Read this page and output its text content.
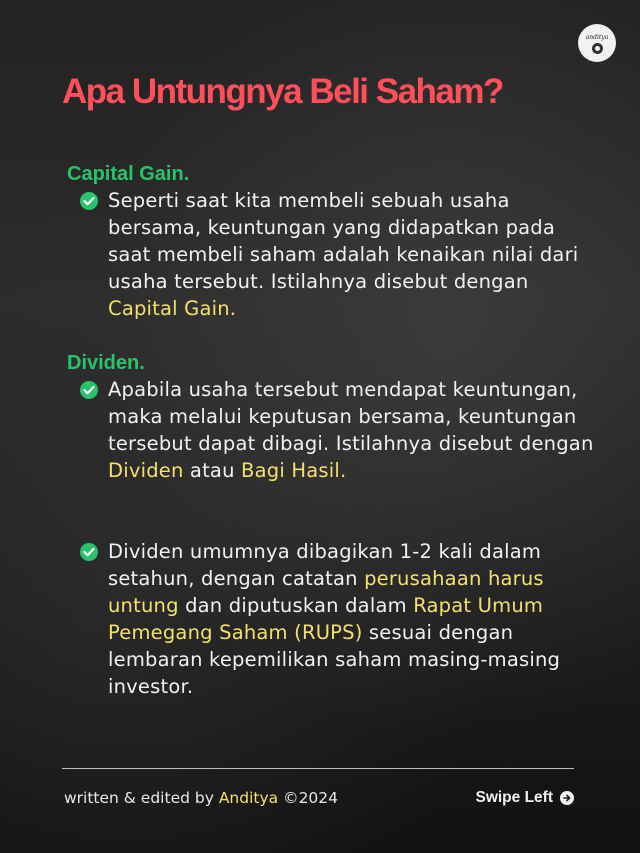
anditya
Apa Untungnya Beli Saham?
Capital Gain.
Seperti saat kita membeli sebuah usaha bersama, keuntungan yang didapatkan pada saat membeli saham adalah kenaikan nilai dari usaha tersebut. Istilahnya disebut dengan Capital Gain.
Dividen.
Apabila usaha tersebut mendapat keuntungan, maka melalui keputusan bersama, keuntungan tersebut dapat dibagi. Istilahnya disebut dengan Dividen atau Bagi Hasil.
Dividen umumnya dibagikan 1-2 kali dalam setahun, dengan catatan perusahaan harus untung dan diputuskan dalam Rapat Umum Pemegang Saham (RUPS) sesuai dengan lembaran kepemilikan saham masing-masing investor.
written & edited by Anditya ©2024	Swipe Left
